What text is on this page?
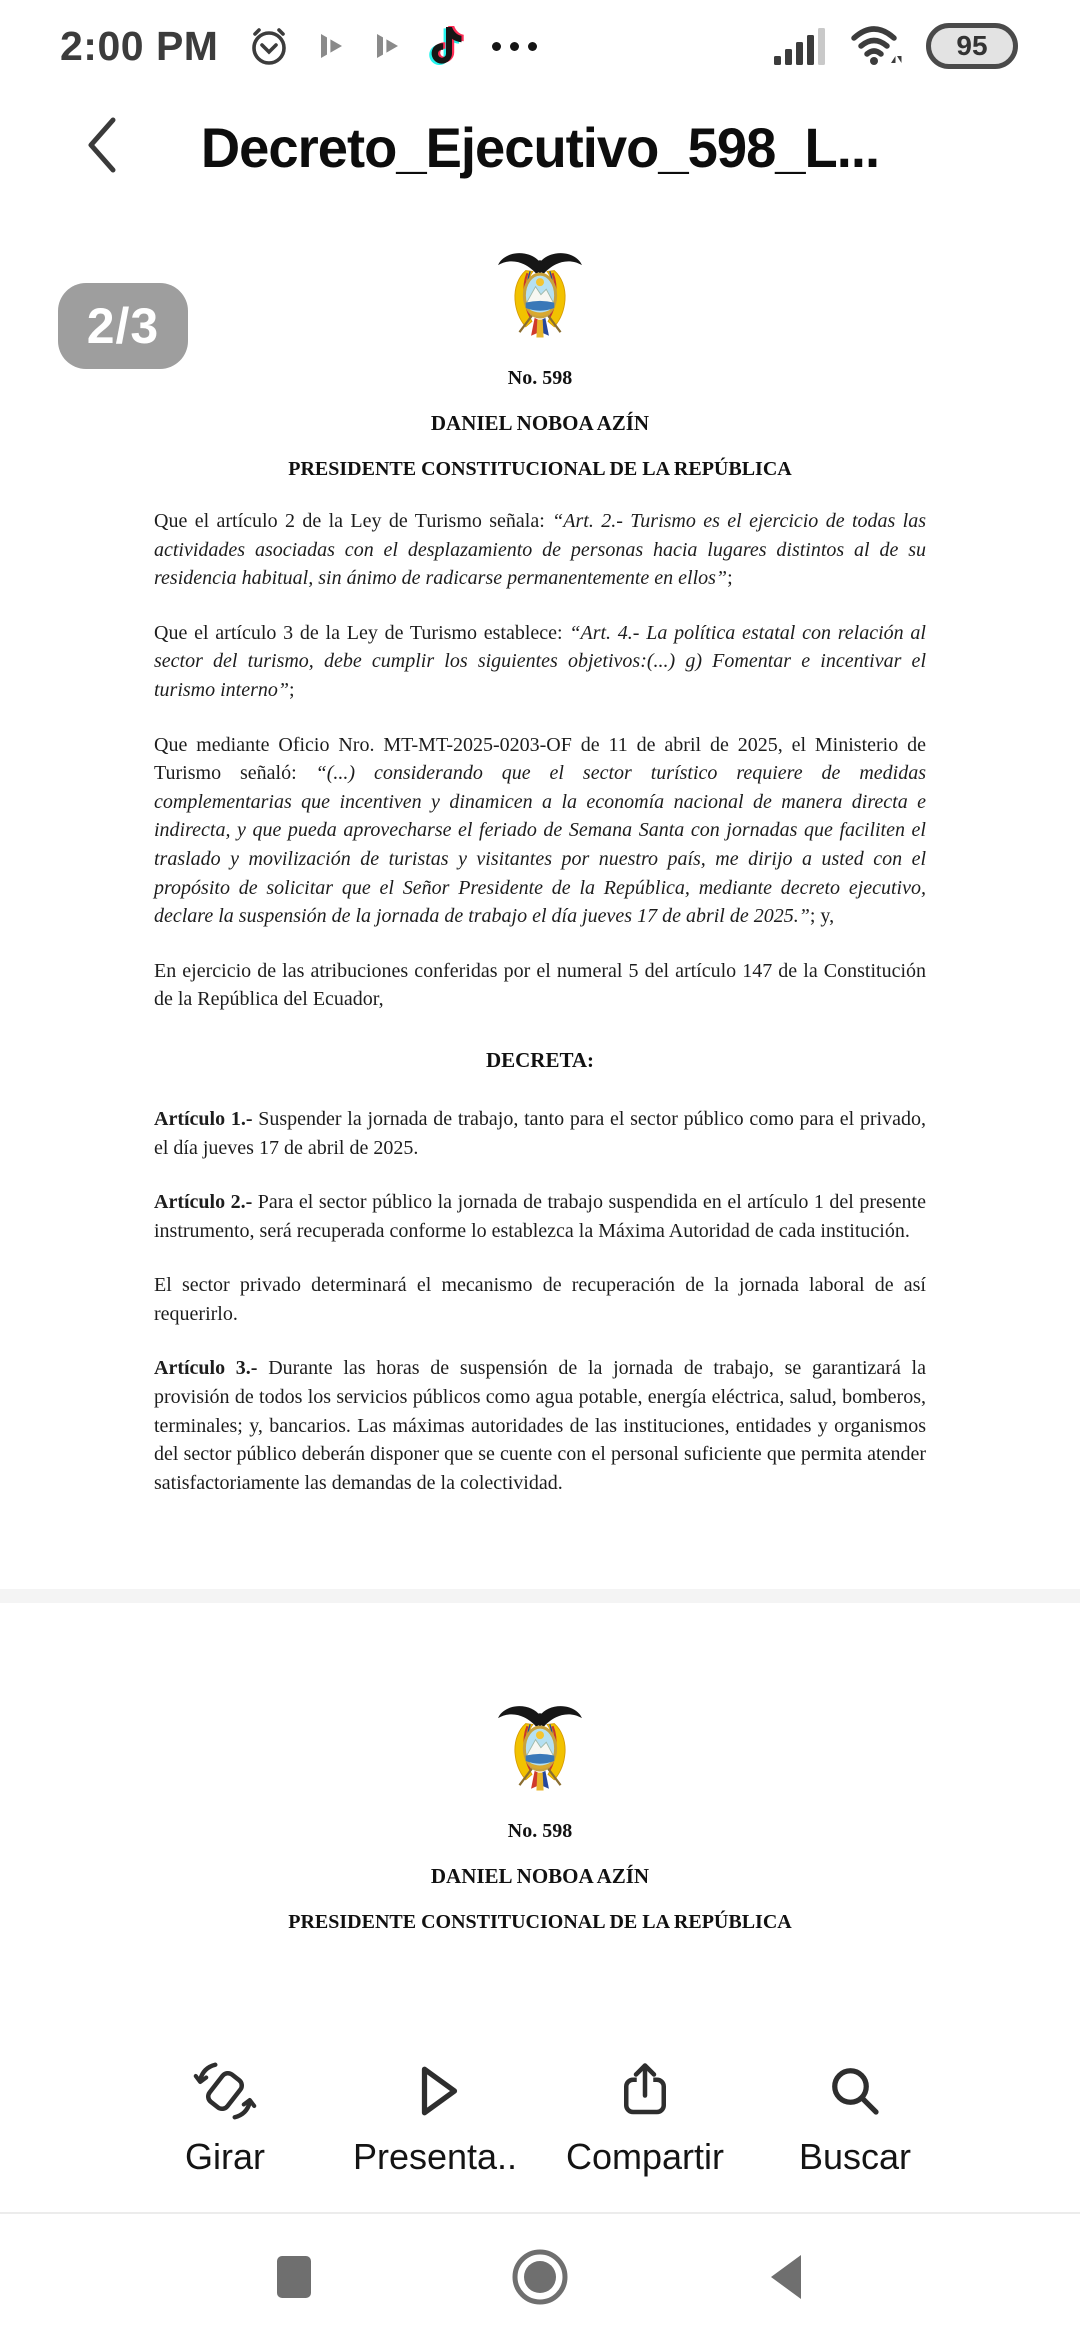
2:00 PM	95
Decreto_Ejecutivo_598_L...
2/3
No. 598
DANIEL NOBOA AZÍN
PRESIDENTE CONSTITUCIONAL DE LA REPÚBLICA

Que el artículo 2 de la Ley de Turismo señala: “Art. 2.- Turismo es el ejercicio de todas las actividades asociadas con el desplazamiento de personas hacia lugares distintos al de su residencia habitual, sin ánimo de radicarse permanentemente en ellos”;

Que el artículo 3 de la Ley de Turismo establece: “Art. 4.- La política estatal con relación al sector del turismo, debe cumplir los siguientes objetivos:(...) g) Fomentar e incentivar el turismo interno”;

Que mediante Oficio Nro. MT-MT-2025-0203-OF de 11 de abril de 2025, el Ministerio de Turismo señaló: “(...) considerando que el sector turístico requiere de medidas complementarias que incentiven y dinamicen a la economía nacional de manera directa e indirecta, y que pueda aprovecharse el feriado de Semana Santa con jornadas que faciliten el traslado y movilización de turistas y visitantes por nuestro país, me dirijo a usted con el propósito de solicitar que el Señor Presidente de la República, mediante decreto ejecutivo, declare la suspensión de la jornada de trabajo el día jueves 17 de abril de 2025.”; y,

En ejercicio de las atribuciones conferidas por el numeral 5 del artículo 147 de la Constitución de la República del Ecuador,

DECRETA:

Artículo 1.- Suspender la jornada de trabajo, tanto para el sector público como para el privado, el día jueves 17 de abril de 2025.

Artículo 2.- Para el sector público la jornada de trabajo suspendida en el artículo 1 del presente instrumento, será recuperada conforme lo establezca la Máxima Autoridad de cada institución.

El sector privado determinará el mecanismo de recuperación de la jornada laboral de así requerirlo.

Artículo 3.- Durante las horas de suspensión de la jornada de trabajo, se garantizará la provisión de todos los servicios públicos como agua potable, energía eléctrica, salud, bomberos, terminales; y, bancarios. Las máximas autoridades de las instituciones, entidades y organismos del sector público deberán disponer que se cuente con el personal suficiente que permita atender satisfactoriamente las demandas de la colectividad.

No. 598
DANIEL NOBOA AZÍN
PRESIDENTE CONSTITUCIONAL DE LA REPÚBLICA
Girar Presenta.. Compartir Buscar
